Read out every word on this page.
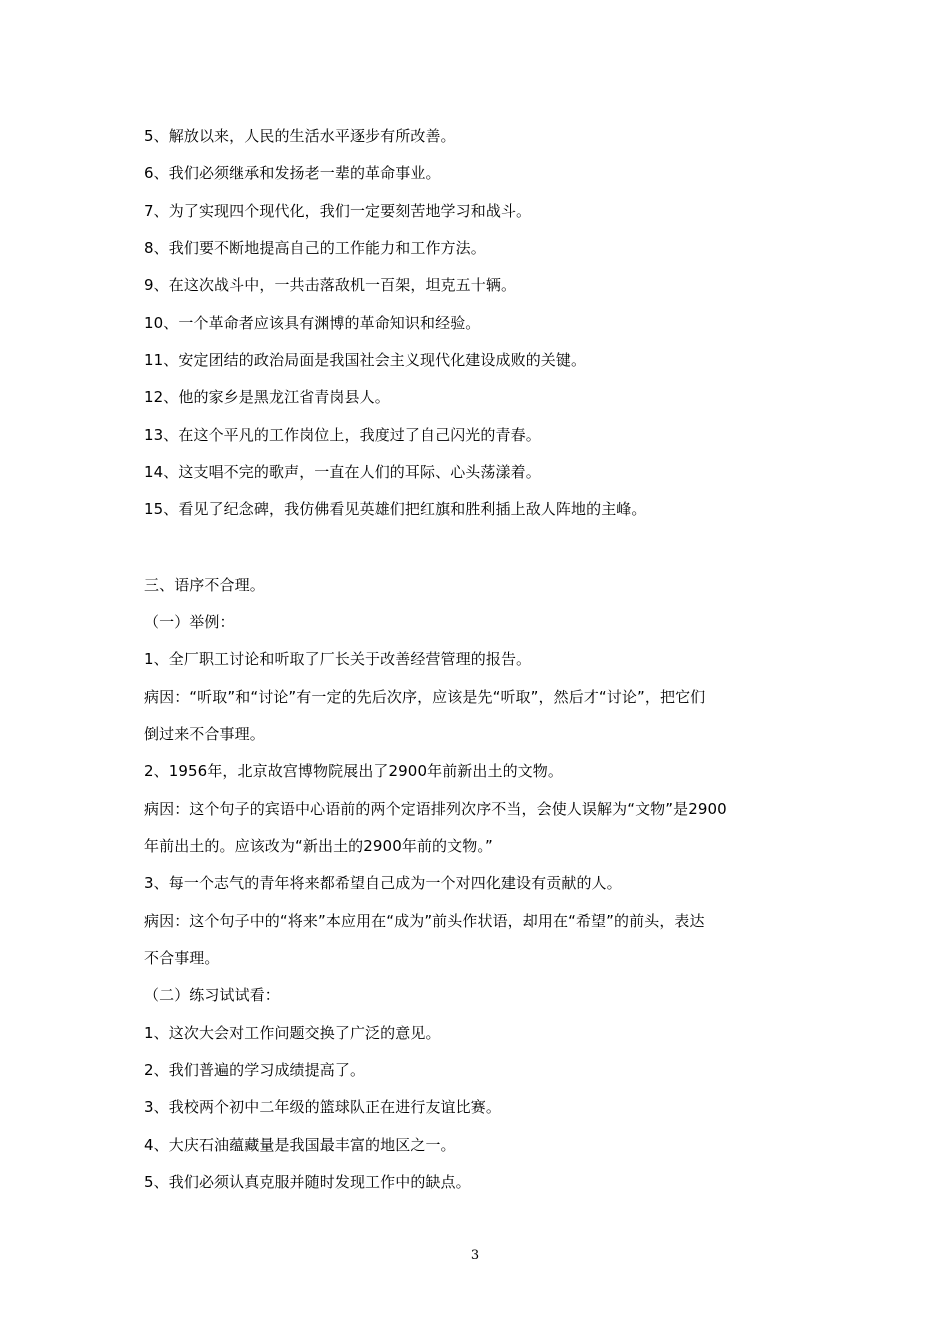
5、解放以来，人民的生活水平逐步有所改善。
6、我们必须继承和发扬老一辈的革命事业。
7、为了实现四个现代化，我们一定要刻苦地学习和战斗。
8、我们要不断地提高自己的工作能力和工作方法。
9、在这次战斗中，一共击落敌机一百架，坦克五十辆。
10、一个革命者应该具有渊博的革命知识和经验。
11、安定团结的政治局面是我国社会主义现代化建设成败的关键。
12、他的家乡是黑龙江省青岗县人。
13、在这个平凡的工作岗位上，我度过了自己闪光的青春。
14、这支唱不完的歌声，一直在人们的耳际、心头荡漾着。
15、看见了纪念碑，我仿佛看见英雄们把红旗和胜利插上敌人阵地的主峰。
三、语序不合理。
（一）举例：
1、全厂职工讨论和听取了厂长关于改善经营管理的报告。
病因：“听取”和“讨论”有一定的先后次序，应该是先“听取”，然后才“讨论”，把它们
倒过来不合事理。
2、1956年，北京故宫博物院展出了2900年前新出土的文物。
病因：这个句子的宾语中心语前的两个定语排列次序不当，会使人误解为“文物”是2900
年前出土的。应该改为“新出土的2900年前的文物。”
3、每一个志气的青年将来都希望自己成为一个对四化建设有贡献的人。
病因：这个句子中的“将来”本应用在“成为”前头作状语，却用在“希望”的前头，表达
不合事理。
（二）练习试试看：
1、这次大会对工作问题交换了广泛的意见。
2、我们普遍的学习成绩提高了。
3、我校两个初中二年级的篮球队正在进行友谊比赛。
4、大庆石油蕴藏量是我国最丰富的地区之一。
5、我们必须认真克服并随时发现工作中的缺点。
3
